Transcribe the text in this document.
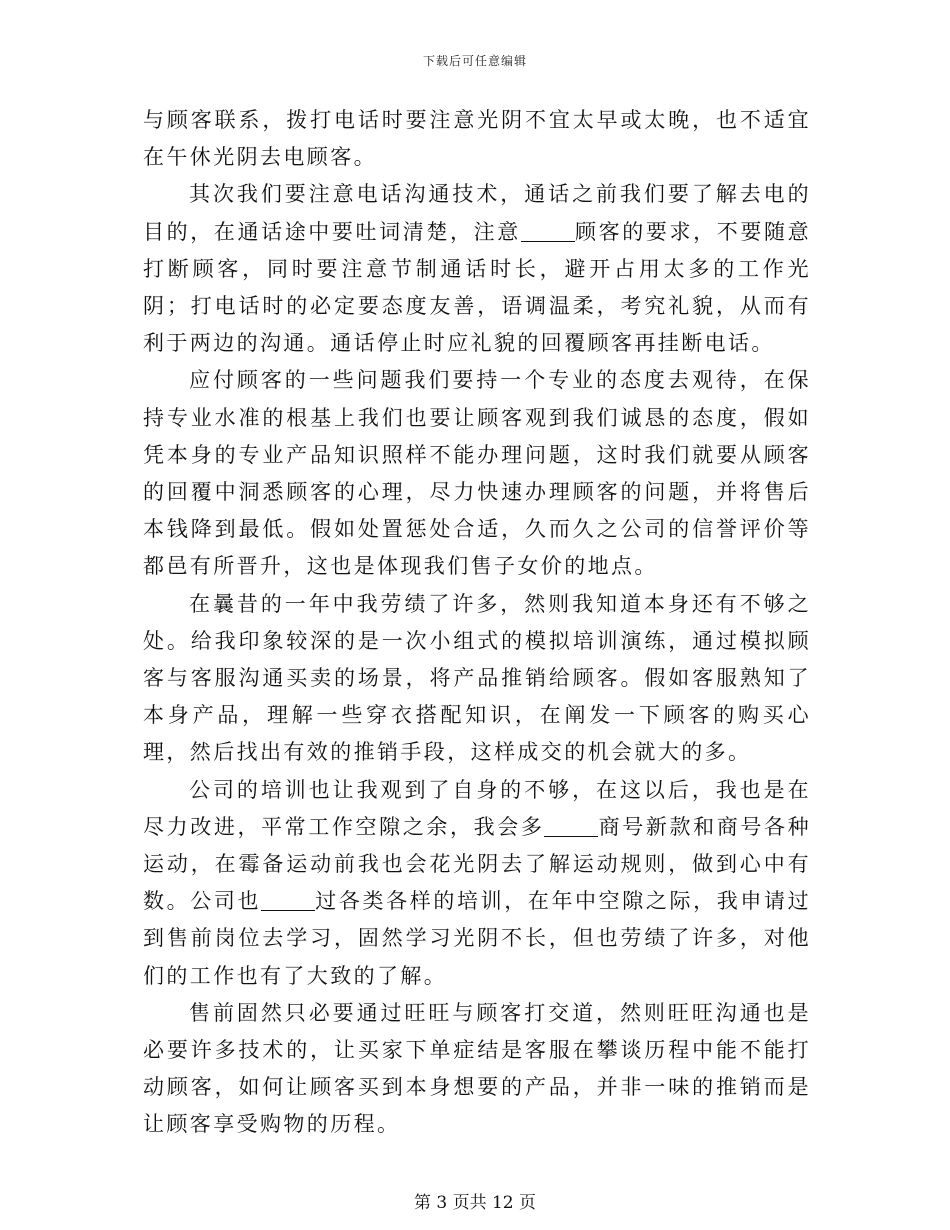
下载后可任意编辑

与顾客联系，拨打电话时要注意光阴不宜太早或太晚，也不适宜在午休光阴去电顾客。

其次我们要注意电话沟通技术，通话之前我们要了解去电的目的，在通话途中要吐词清楚，注意	顾客的要求，不要随意打断顾客，同时要注意节制通话时长，避开占用太多的工作光阴；打电话时的必定要态度友善，语调温柔，考究礼貌，从而有利于两边的沟通。通话停止时应礼貌的回覆顾客再挂断电话。

应付顾客的一些问题我们要持一个专业的态度去观待，在保持专业水准的根基上我们也要让顾客观到我们诚恳的态度，假如凭本身的专业产品知识照样不能办理问题，这时我们就要从顾客的回覆中洞悉顾客的心理，尽力快速办理顾客的问题，并将售后本钱降到最低。假如处置惩处合适，久而久之公司的信誉评价等都邑有所晋升，这也是体现我们售子女价的地点。

在曩昔的一年中我劳绩了许多，然则我知道本身还有不够之处。给我印象较深的是一次小组式的模拟培训演练，通过模拟顾客与客服沟通买卖的场景，将产品推销给顾客。假如客服熟知了本身产品，理解一些穿衣搭配知识，在阐发一下顾客的购买心理，然后找出有效的推销手段，这样成交的机会就大的多。

公司的培训也让我观到了自身的不够，在这以后，我也是在尽力改进，平常工作空隙之余，我会多	商号新款和商号各种运动，在霉备运动前我也会花光阴去了解运动规则，做到心中有数。公司也	过各类各样的培训，在年中空隙之际，我申请过到售前岗位去学习，固然学习光阴不长，但也劳绩了许多，对他们的工作也有了大致的了解。

售前固然只必要通过旺旺与顾客打交道，然则旺旺沟通也是必要许多技术的，让买家下单症结是客服在攀谈历程中能不能打动顾客，如何让顾客买到本身想要的产品，并非一味的推销而是让顾客享受购物的历程。

第 3 页共 12 页
